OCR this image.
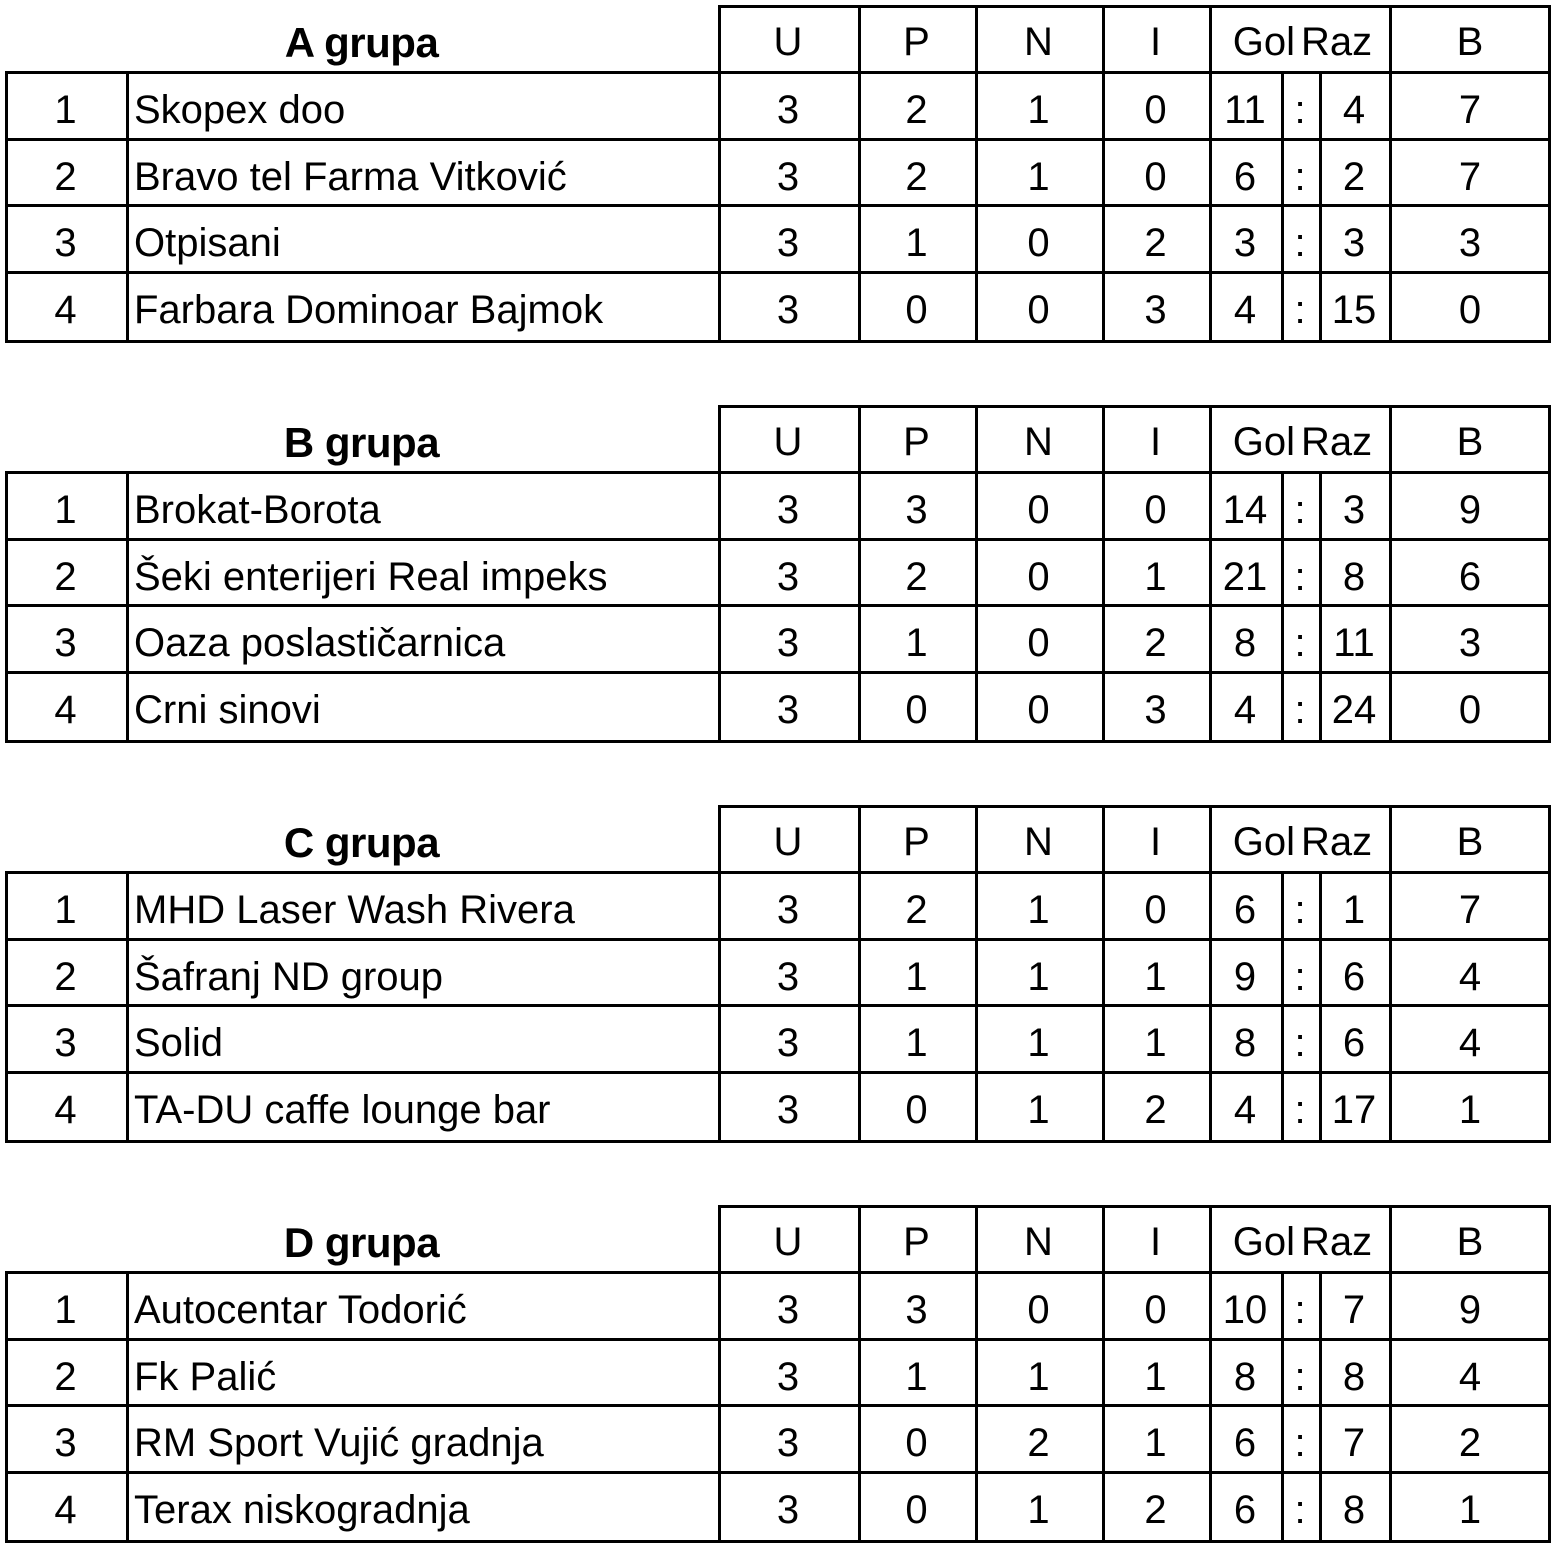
A grupa	U	P	N	I	Gol Raz	B
1	Skopex doo	3	2	1	0	11 : 4	7
2	Bravo tel Farma Vitković	3	2	1	0	6 : 2	7
3	Otpisani	3	1	0	2	3 : 3	3
4	Farbara Dominoar Bajmok	3	0	0	3	4 : 15	0
B grupa	U	P	N	I	Gol Raz	B
1	Brokat-Borota	3	3	0	0	14 : 3	9
2	Šeki enterijeri Real impeks	3	2	0	1	21 : 8	6
3	Oaza poslastičarnica	3	1	0	2	8 : 11	3
4	Crni sinovi	3	0	0	3	4 : 24	0
C grupa	U	P	N	I	Gol Raz	B
1	MHD Laser Wash Rivera	3	2	1	0	6 : 1	7
2	Šafranj ND group	3	1	1	1	9 : 6	4
3	Solid	3	1	1	1	8 : 6	4
4	TA-DU caffe lounge bar	3	0	1	2	4 : 17	1
D grupa	U	P	N	I	Gol Raz	B
1	Autocentar Todorić	3	3	0	0	10 : 7	9
2	Fk Palić	3	1	1	1	8 : 8	4
3	RM Sport Vujić gradnja	3	0	2	1	6 : 7	2
4	Terax niskogradnja	3	0	1	2	6 : 8	1
